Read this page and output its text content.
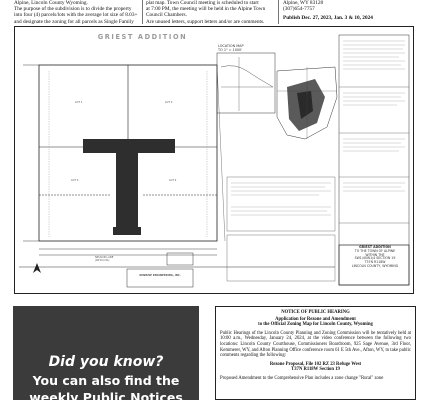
Alpine, Lincoln County Wyoming.
The purpose of the subdivision is to divide the property
into four (4) parcels/lots with the average lot size of 8.03+
and designate the zoning for all parcels as Single Family
plat map. Town Council meeting is scheduled to start
at 7:00 PM, the meeting will be held in the Alpine Town
Council Chambers.
Are unused letters, support letters and/or are comments.
Alpine, WY 83128
(307)654-7757
Publish Dec. 27, 2023, Jan. 3 & 10, 2024
GRIEST ADDITION
LOCATION MAP
TO 1" = 1000'
LOT 1	LOT 2
LOT 3	LOT 4
NELSON LANE
(60'R.O.W.)
GRIEST ADDITION
TO THE TOWN OF ALPINE
WITHIN THE
SW1/4SW1/4 SECTION 19
T37N R118W
LINCOLN COUNTY, WYOMING
SUNRISE ENGINEERING, INC.
Did you know?
You can also find the
weekly Public Notices
NOTICE OF PUBLIC HEARING
Application for Rezone and Amendment
to the Official Zoning Map for Lincoln County, Wyoming
Public Hearings of the Lincoln County Planning and Zoning Commission will be tentatively held at 10:00 a.m., Wednesday, January 24, 2024, at the video conference between the following two locations: Lincoln County Courthouse, Commissioners Boardroom, 925 Sage Avenue, 3rd Floor, Kemmerer, WY, and Afton Planning Office conference room 61 E 5th Ave., Afton, WY, to take public comments regarding the following:
Rezone Proposal, File 102 RZ 23 Refuge West
T37N R118W Section 19
Proposed Amendment to the Comprehensive Plan includes a zone change "Rural" zone
